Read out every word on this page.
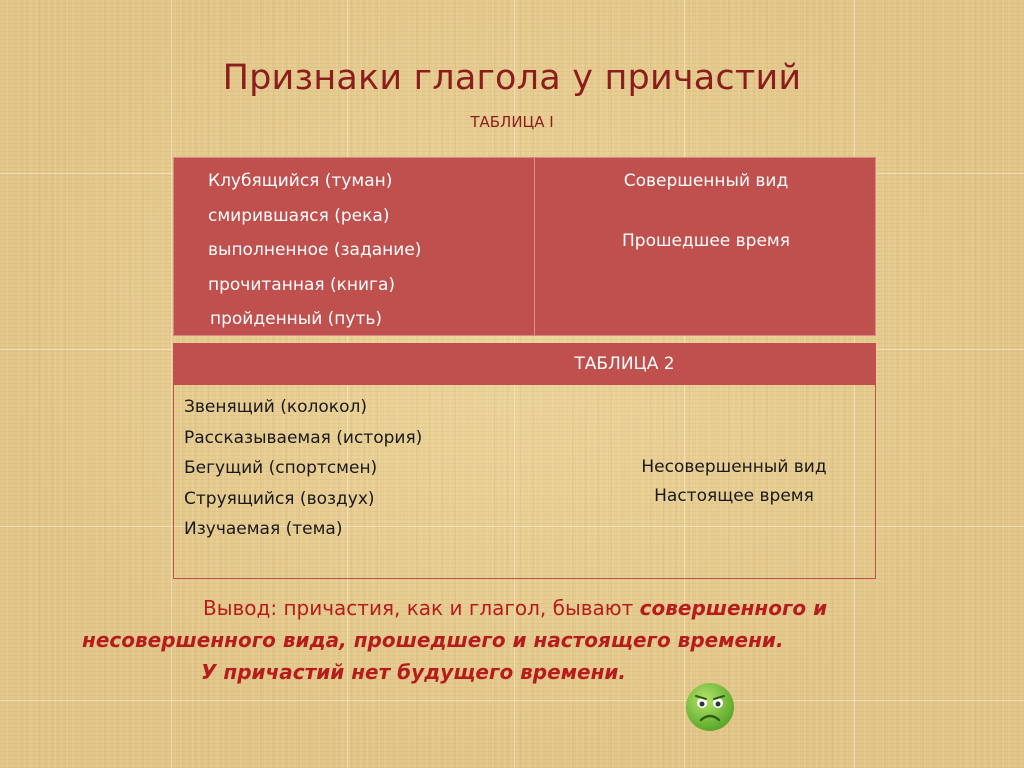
Признаки глагола у причастий
ТАБЛИЦА I
Клубящийся (туман)
смирившаяся (река)
выполненное (задание)
прочитанная (книга)
пройденный (путь)
Совершенный вид
Прошедшее время
ТАБЛИЦА 2
Звенящий (колокол)
Рассказываемая (история)
Бегущий (спортсмен)
Струящийся (воздух)
Изучаемая (тема)
Несовершенный вид
Настоящее время
Вывод: причастия, как и глагол, бывают совершенного и
несовершенного вида, прошедшего и настоящего времени.
У причастий нет будущего времени.
